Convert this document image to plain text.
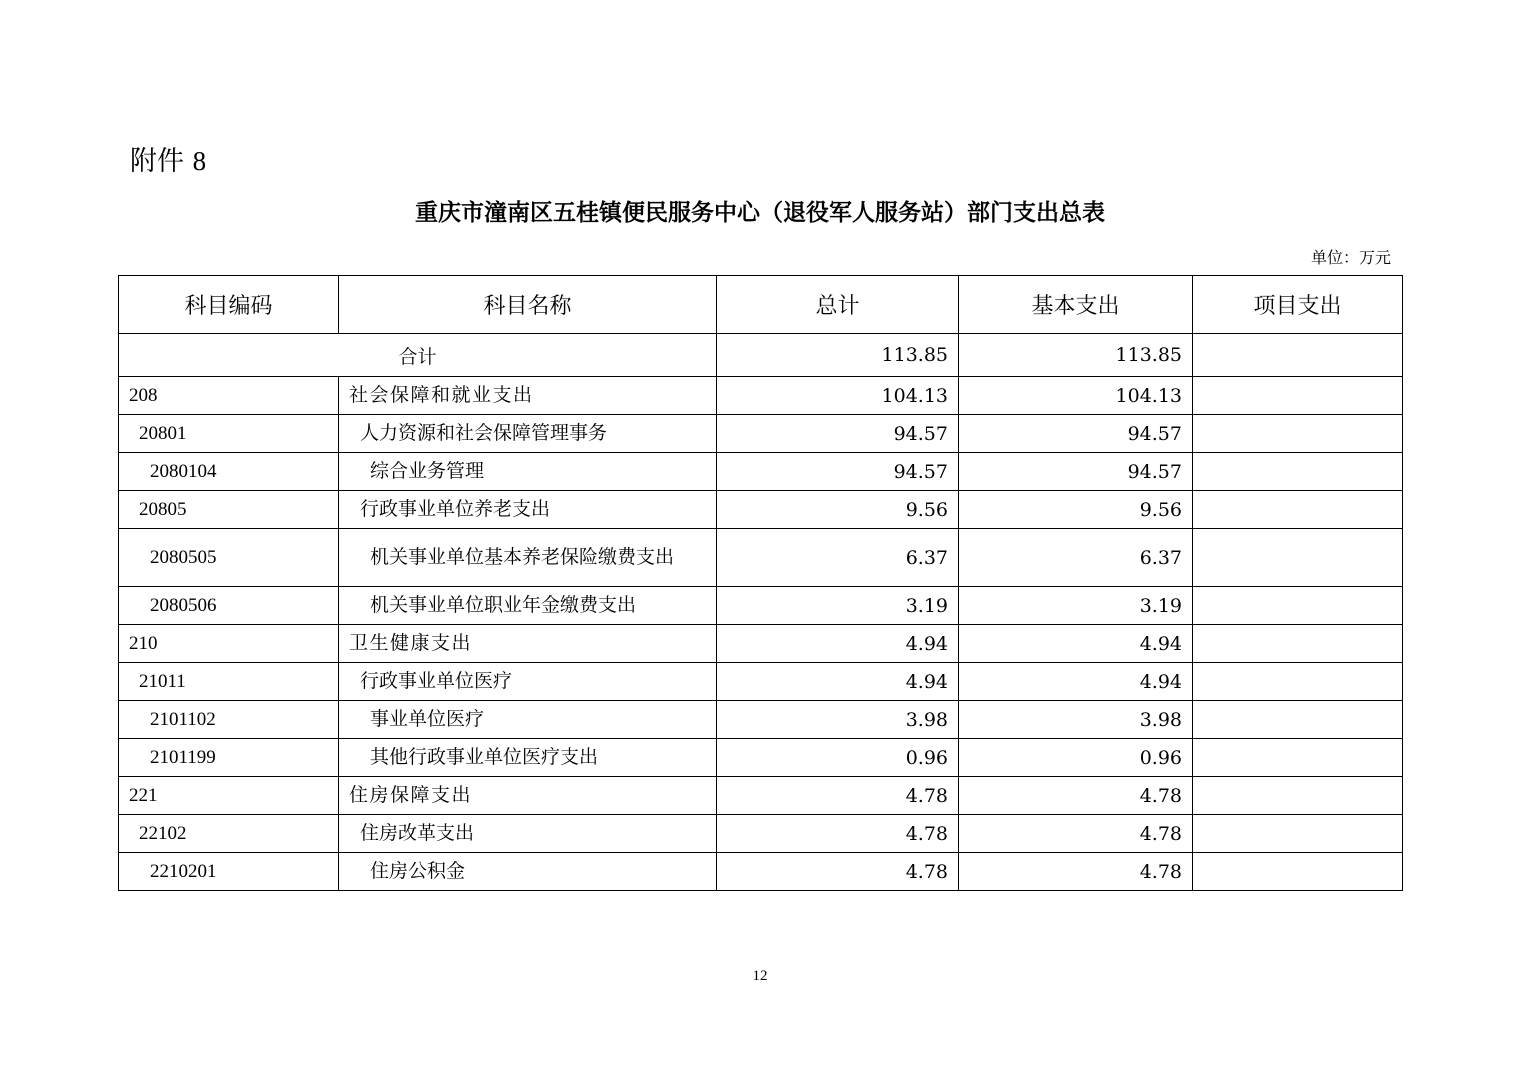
附件 8
重庆市潼南区五桂镇便民服务中心（退役军人服务站）部门支出总表
单位：万元
科目编码	科目名称	总计	基本支出	项目支出
合计		113.85	113.85	
208	社会保障和就业支出	104.13	104.13	
20801	人力资源和社会保障管理事务	94.57	94.57	
2080104	综合业务管理	94.57	94.57	
20805	行政事业单位养老支出	9.56	9.56	
2080505	机关事业单位基本养老保险缴费支出	6.37	6.37	
2080506	机关事业单位职业年金缴费支出	3.19	3.19	
210	卫生健康支出	4.94	4.94	
21011	行政事业单位医疗	4.94	4.94	
2101102	事业单位医疗	3.98	3.98	
2101199	其他行政事业单位医疗支出	0.96	0.96	
221	住房保障支出	4.78	4.78	
22102	住房改革支出	4.78	4.78	
2210201	住房公积金	4.78	4.78	
12
